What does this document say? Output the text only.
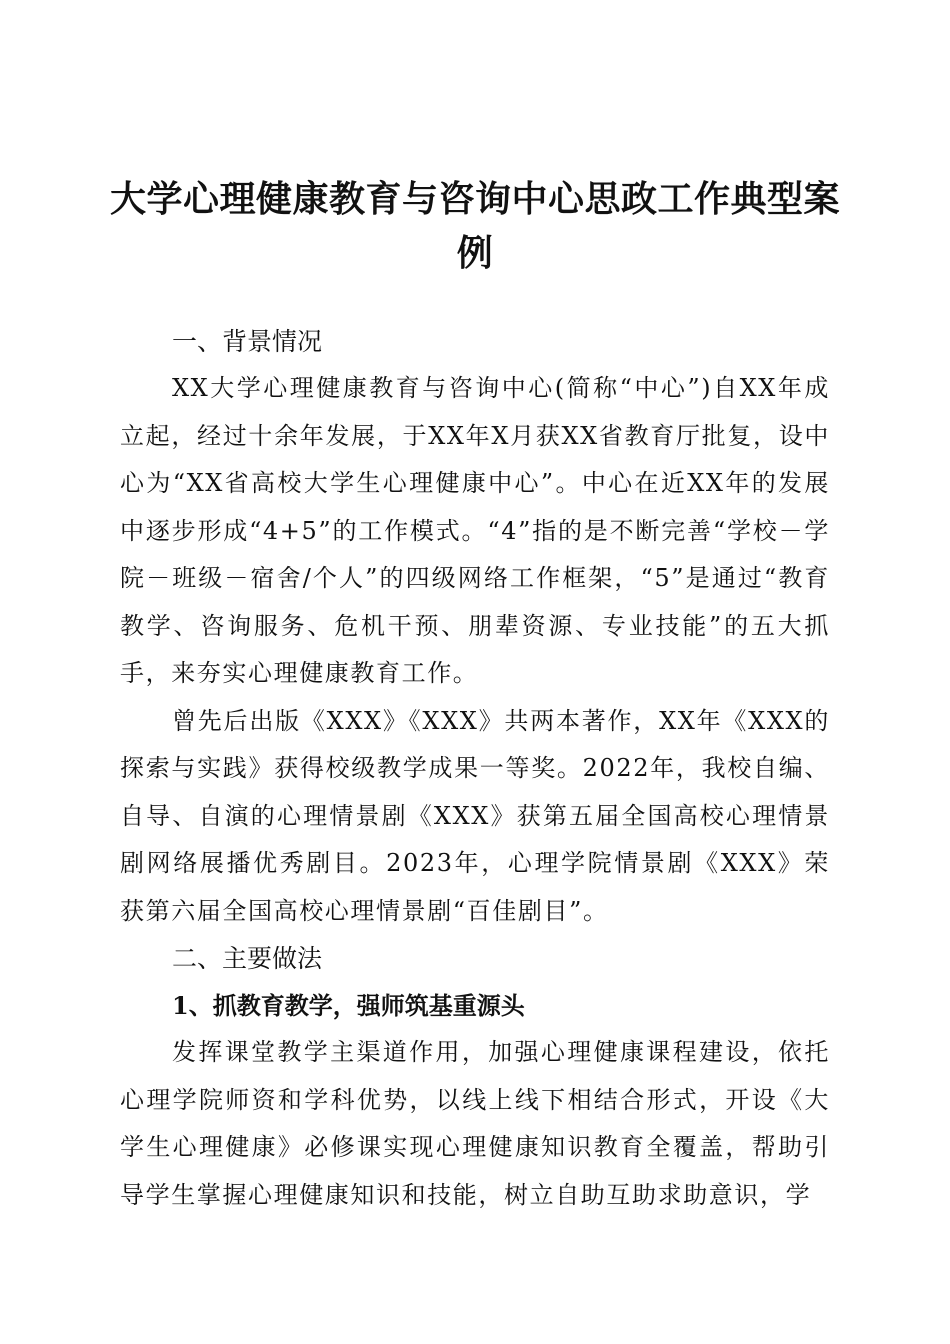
大学心理健康教育与咨询中心思政工作典型案例

一、背景情况

XX大学心理健康教育与咨询中心(简称“中心”)自XX年成立起，经过十余年发展，于XX年X月获XX省教育厅批复，设中心为“XX省高校大学生心理健康中心”。中心在近XX年的发展中逐步形成“4+5”的工作模式。“4”指的是不断完善“学校－学院－班级－宿舍/个人”的四级网络工作框架，“5”是通过“教育教学、咨询服务、危机干预、朋辈资源、专业技能”的五大抓手，来夯实心理健康教育工作。

曾先后出版《XXX》《XXX》共两本著作，XX年《XXX的探索与实践》获得校级教学成果一等奖。2022年，我校自编、自导、自演的心理情景剧《XXX》获第五届全国高校心理情景剧网络展播优秀剧目。2023年，心理学院情景剧《XXX》荣获第六届全国高校心理情景剧“百佳剧目”。

二、主要做法

1、抓教育教学，强师筑基重源头

发挥课堂教学主渠道作用，加强心理健康课程建设，依托心理学院师资和学科优势，以线上线下相结合形式，开设《大学生心理健康》必修课实现心理健康知识教育全覆盖，帮助引导学生掌握心理健康知识和技能，树立自助互助求助意识，学
